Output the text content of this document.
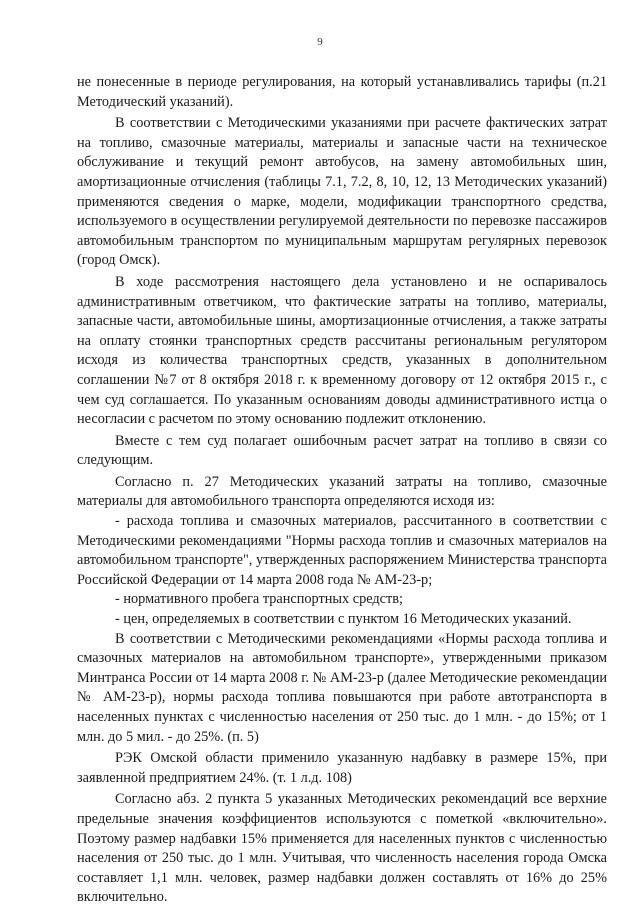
9

не понесенные в периоде регулирования, на который устанавливались тарифы (п.21 Методический указаний).

В соответствии с Методическими указаниями при расчете фактических затрат на топливо, смазочные материалы, материалы и запасные части на техническое обслуживание и текущий ремонт автобусов, на замену автомобильных шин, амортизационные отчисления (таблицы 7.1, 7.2, 8, 10, 12, 13 Методических указаний) применяются сведения о марке, модели, модификации транспортного средства, используемого в осуществлении регулируемой деятельности по перевозке пассажиров автомобильным транспортом по муниципальным маршрутам регулярных перевозок (город Омск).

В ходе рассмотрения настоящего дела установлено и не оспаривалось административным ответчиком, что фактические затраты на топливо, материалы, запасные части, автомобильные шины, амортизационные отчисления, а также затраты на оплату стоянки транспортных средств рассчитаны региональным регулятором исходя из количества транспортных средств, указанных в дополнительном соглашении №7 от 8 октября 2018 г. к временному договору от 12 октября 2015 г., с чем суд соглашается. По указанным основаниям доводы административного истца о несогласии с расчетом по этому основанию подлежит отклонению.

Вместе с тем суд полагает ошибочным расчет затрат на топливо в связи со следующим.

Согласно п. 27 Методических указаний затраты на топливо, смазочные материалы для автомобильного транспорта определяются исходя из:

- расхода топлива и смазочных материалов, рассчитанного в соответствии с Методическими рекомендациями "Нормы расхода топлив и смазочных материалов на автомобильном транспорте", утвержденных распоряжением Министерства транспорта Российской Федерации от 14 марта 2008 года № АМ-23-р;

- нормативного пробега транспортных средств;

- цен, определяемых в соответствии с пунктом 16 Методических указаний.

В соответствии с Методическими рекомендациями «Нормы расхода топлива и смазочных материалов на автомобильном транспорте», утвержденными приказом Минтранса России от 14 марта 2008 г. № АМ-23-р (далее Методические рекомендации № АМ-23-р), нормы расхода топлива повышаются при работе автотранспорта в населенных пунктах с численностью населения от 250 тыс. до 1 млн. - до 15%; от 1 млн. до 5 мил. - до 25%. (п. 5)

РЭК Омской области применило указанную надбавку в размере 15%, при заявленной предприятием 24%. (т. 1 л.д. 108)

Согласно абз. 2 пункта 5 указанных Методических рекомендаций все верхние предельные значения коэффициентов используются с пометкой «включительно». Поэтому размер надбавки 15% применяется для населенных пунктов с численностью населения от 250 тыс. до 1 млн. Учитывая, что численность населения города Омска составляет 1,1 млн. человек, размер надбавки должен составлять от 16% до 25% включительно.
